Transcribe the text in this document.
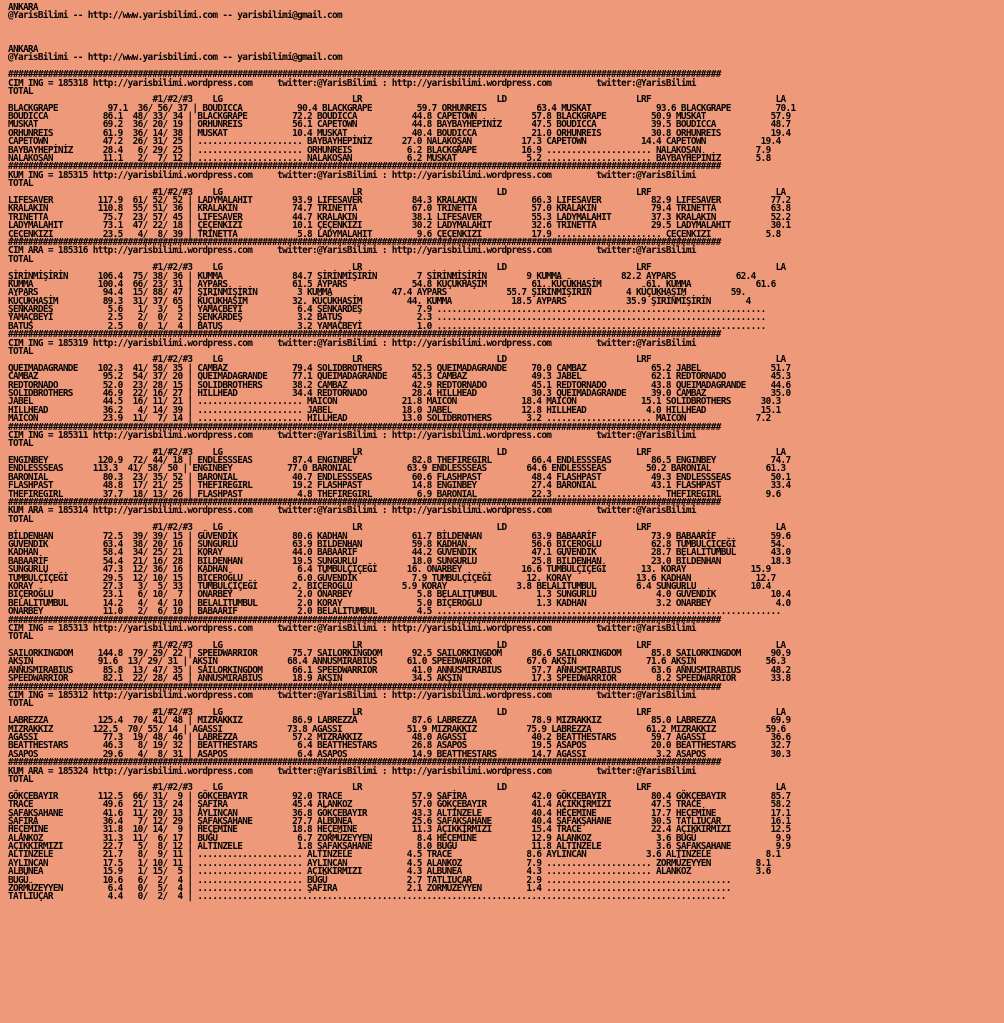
ANKARA
@YarisBilimi -- http://www.yarisbilimi.com -- yarisbilimi@gmail.com

ANKARA
@YarisBilimi -- http://www.yarisbilimi.com -- yarisbilimi@gmail.com

###############################################################################################################################################
CIM ING = 185318 http://yarisbilimi.wordpress.com     twitter:@YarisBilimi : http://yarisbilimi.wordpress.com         twitter:@YarisBilimi
TOTAL
#1/#2/#3    LG                          LR                           LD                          LRF                         LA
BLACKGRAPE          97.1  36/ 56/ 37 | BOUDICCA           90.4 BLACKGRAPE         59.7 ORHUNREIS          63.4 MUSKAT             93.6 BLACKGRAPE         70.1
BOUDICCA           86.1  48/ 33/ 34 | BLACKGRAPE         72.2 BOUDICCA           44.8 CAPETOWN           57.8 BLACKGRAPE         50.9 MUSKAT             57.9
MUSKAT             69.2  36/ 20/ 19 | ORHUNREIS          56.1 CAPETOWN           44.8 BAYBAYHEPİNİZ      47.5 BOUDICCA           39.5 BOUDICCA           48.7
ORHUNREIS          61.9  36/ 14/ 38 | MUSKAT             10.4 MUSKAT             40.4 BOUDICCA           21.0 ORHUNREIS          30.8 ORHUNREIS          19.4
CAPETOWN           47.2  26/ 31/ 25 | ..................... BAYBAYHEPİNİZ      27.0 NALAKOŞAN          17.3 CAPETOWN           14.4 CAPETOWN           19.4
BAYBAYHEPİNİZ      28.4   6/ 29/ 25 | ..................... ORHUNREIS           6.2 BLACKGRAPE         16.9 ..................... NALAKOŞAN           7.9
NALAKOŞAN          11.1   2/  7/ 12 | ..................... NALAKOŞAN           6.2 MUSKAT              5.2 ..................... BAYBAYHEPİNİZ       5.8
###############################################################################################################################################
KUM ING = 185315 http://yarisbilimi.wordpress.com     twitter:@YarisBilimi : http://yarisbilimi.wordpress.com         twitter:@YarisBilimi
TOTAL
#1/#2/#3    LG                          LR                           LD                          LRF                         LA
LIFESAVER         117.9  61/ 52/ 52 | LADYMALAHIT        93.9 LIFESAVER          84.3 KRALAKIN           66.3 LIFESAVER          82.9 LIFESAVER          77.2
KRALAKIN          110.8  55/ 51/ 36 | KRALAKIN           74.7 TRINETTA           67.0 TRINETTA           57.0 KRALAKIN           79.4 TRINETTA           63.8
TRINETTA           75.7  23/ 57/ 45 | LIFESAVER          44.7 KRALAKIN           38.1 LIFESAVER          55.3 LADYMALAHIT        37.3 KRALAKIN           52.2
LADYMALAHIT        73.1  47/ 22/ 18 | ÇEÇENKIZI          10.1 ÇEÇENKIZI          30.2 LADYMALAHIT        32.6 TRINETTA           29.5 LADYMALAHIT        30.1
ÇEÇENKIZI          23.5   4/  8/ 39 | TRINETTA            5.8 LADYMALAHIT         9.6 ÇEÇENKIZI          17.9 ..................... ÇEÇENKIZI           5.8
###############################################################################################################################################
CIM ARA = 185316 http://yarisbilimi.wordpress.com     twitter:@YarisBilimi : http://yarisbilimi.wordpress.com         twitter:@YarisBilimi
TOTAL
#1/#2/#3    LG                          LR                           LD                          LRF                         LA
ŞİRİNMİŞİRİN      106.4  75/ 38/ 36 | KUMMA              84.7 ŞİRİNMİŞİRİN        7 ŞİRİNMİŞİRİN        9 KUMMA            82.2 AYPARS            62.4
KUMMA             100.4  66/ 23/ 31 | AYPARS             61.5 AYPARS             54.8 KÜÇÜKHAŞİM         61. KÜÇÜKHAŞİM         61. KUMMA             61.6
AYPARS             94.4  15/ 88/ 47 | ŞİRİNMİŞİRİN        3 KUMMA            47.4 AYPARS            55.7 ŞİRİNMİŞİRİN       4 KÜÇÜKHAŞİM         59.
KÜÇÜKHAŞİM         89.3  31/ 37/ 65 | KÜÇÜKHAŞİM         32. KÜÇÜKHAŞİM         44. KUMMA            18.5 AYPARS            35.9 ŞİRİNMİŞİRİN       4
ŞENKARDEŞ           5.6   1/  3/  5 | YAMAÇBEYİ           6.4 ŞENKARDEŞ           7.9 ..................................................................
YAMAÇBEYİ           2.5   2/  0/  2 | ŞENKARDEŞ           3.2 BATUŞ               2.3 ..................................................................
BATUŞ               2.5   0/  1/  4 | BATUŞ               3.2 YAMAÇBEYİ           1.0 ..................................................................
###############################################################################################################################################
CIM ING = 185319 http://yarisbilimi.wordpress.com     twitter:@YarisBilimi : http://yarisbilimi.wordpress.com         twitter:@YarisBilimi
TOTAL
#1/#2/#3    LG                          LR                           LD                          LRF                         LA
QUEIMADAGRANDE    102.3  41/ 58/ 35 | CAMBAZ             79.4 SOLIDBROTHERS      52.5 QUEIMADAGRANDE     70.0 CAMBAZ             65.2 JABEL              51.7
CAMBAZ             95.2  54/ 37/ 20 | QUEIMADAGRANDE     77.1 QUEIMADAGRANDE     45.3 CAMBAZ             49.3 JABEL              62.1 REDTORNADO         45.3
REDTORNADO         52.0  23/ 28/ 15 | SOLIDBROTHERS      38.2 CAMBAZ             42.9 REDTORNADO         45.1 REDTORNADO         43.8 QUEIMADAGRANDE     44.6
SOLIDBROTHERS      46.9  22/ 16/ 27 | HILLHEAD           34.4 REDTORNADO         28.4 HILLHEAD           30.3 QUEIMADAGRANDE     39.0 CAMBAZ             35.0
JABEL              44.5  16/ 11/ 21 | ..................... MAICON             21.8 MAICON             18.4 MAICON             15.1 SOLIDBROTHERS      30.3
HILLHEAD           36.2   4/ 14/ 39 | ..................... JABEL              18.0 JABEL              12.8 HILLHEAD            4.0 HILLHEAD           15.1
MAICON             23.9  11/  7/ 14 | ..................... HILLHEAD           13.0 SOLIDBROTHERS       3.2 ..................... MAICON              7.2
###############################################################################################################################################
CIM ING = 185311 http://yarisbilimi.wordpress.com     twitter:@YarisBilimi : http://yarisbilimi.wordpress.com         twitter:@YarisBilimi
TOTAL
#1/#2/#3    LG                          LR                           LD                          LRF                         LA
ENGINBEY          120.9  72/ 44/ 18 | ENDLESSSEAS        87.4 ENGINBEY           82.8 THEFIREGIRL        66.4 ENDLESSSEAS        86.5 ENGINBEY           74.7
ENDLESSSEAS      113.3  41/ 58/ 50 | ENGINBEY           77.0 BARONIAL           63.9 ENDLESSSEAS        64.6 ENDLESSSEAS        50.2 BARONIAL           61.3
BARONIAL           80.3  23/ 35/ 52 | BARONIAL           40.7 ENDLESSSEAS        60.6 FLASHPAST          48.4 FLASHPAST          49.3 ENDLESSSEAS        50.1
FLASHPAST          48.8  17/ 21/ 25 | THEFIREGIRL        19.2 FLASHPAST          14.8 ENGINBEY           27.4 BARONIAL           43.1 FLASHPAST          33.4
THEFIREGIRL        37.7  18/ 13/ 26 | FLASHPAST           4.8 THEFIREGIRL         6.9 BARONIAL           22.3 ..................... THEFIREGIRL         9.6
###############################################################################################################################################
KUM ARA = 185314 http://yarisbilimi.wordpress.com     twitter:@YarisBilimi : http://yarisbilimi.wordpress.com         twitter:@YarisBilimi
TOTAL
#1/#2/#3    LG                          LR                           LD                          LRF                         LA
BİLDENHAN          72.5  39/ 39/ 15 | GÜVENDİK           80.6 KADHAN             61.7 BİLDENHAN          63.9 BABAARİF           73.9 BABAARİF           59.6
GÜVENDİK           63.4  38/ 20/ 16 | SUNGURLU           63.9 BİLDENHAN          59.8 KADHAN             56.6 BİÇEROĞLU          62.8 TUMBULÇİÇEĞİ       54.
KADHAN             58.4  34/ 25/ 21 | KORAY              44.0 BABAARİF           44.2 GÜVENDİK           47.1 GÜVENDİK           28.7 BELALITUMBUL       43.0
BABAARİF           54.4  21/ 16/ 28 | BİLDENHAN          19.5 SUNGURLU           18.0 SUNGURLU           25.8 BİLDENHAN          23.0 BİLDENHAN          18.3
SUNGURLU           47.3  12/ 36/ 16 | KADHAN              6.4 TUMBULÇİÇEĞİ      16. ONARBEY            16.6 TUMBULÇİÇEĞİ       13. KORAY             15.9
TUMBULÇİÇEĞİ       29.5  12/ 10/ 15 | BİÇEROĞLU           6.0 GÜVENDİK           7.9 TUMBULÇİÇEĞİ       12. KORAY             13.6 KADHAN             12.7
KORAY              27.3   3/  5/ 33 | TUMBULÇİÇEĞİ       2. BİÇEROĞLU          5.9 KORAY              3.8 BELALITUMBUL        6.4 SUNGURLU           10.4
BİÇEROĞLU          23.1   6/ 10/  7 | ONARBEY             2.0 ONARBEY             5.8 BELALITUMBUL        1.3 SUNGURLU            4.0 GÜVENDİK           10.4
BELALITUMBUL       14.2   4/  4/ 10 | BELALITUMBUL        2.0 KORAY               5.0 BİÇEROĞLU           1.3 KADHAN              3.2 ONARBEY             4.0
ONARBEY            11.0   2/  6/ 10 | BABAARİF            2.0 BELALITUMBUL        4.5 .....................................................................
###############################################################################################################################################
CIM ING = 185313 http://yarisbilimi.wordpress.com     twitter:@YarisBilimi : http://yarisbilimi.wordpress.com         twitter:@YarisBilimi
TOTAL
#1/#2/#3    LG                          LR                           LD                          LRF                         LA
SAILORKINGDOM     144.8  79/ 29/ 22 | SPEEDWARRIOR       75.7 SAILORKINGDOM      92.5 SAILORKINGDOM      86.6 SAILORKINGDOM      85.8 SAILORKINGDOM      90.9
AKŞIN             91.6  13/ 29/ 31 | AKŞIN              68.4 ANNUSMIRABIUS      61.0 SPEEDWARRIOR       67.6 AKŞIN              71.6 AKŞIN              56.3
ANNUSMIRABIUS      85.8  13/ 47/ 35 | SAILORKINGDOM      66.1 SPEEDWARRIOR       41.0 ANNUSMIRABIUS      57.7 ANNUSMIRABIUS      63.6 ANNUSMIRABIUS      48.2
SPEEDWARRIOR       82.1  22/ 28/ 45 | ANNUSMIRABIUS      18.9 AKŞIN              34.5 AKŞIN              17.3 SPEEDWARRIOR        8.2 SPEEDWARRIOR       33.8
###############################################################################################################################################
CIM ING = 185312 http://yarisbilimi.wordpress.com     twitter:@YarisBilimi : http://yarisbilimi.wordpress.com         twitter:@YarisBilimi
TOTAL
#1/#2/#3    LG                          LR                           LD                          LRF                         LA
LABREZZA          125.4  70/ 41/ 48 | MIZRAKKIZ          86.9 LABREZZA           87.6 LABREZZA           78.9 MIZRAKKIZ          85.0 LABREZZA           69.9
MIZRAKKIZ        122.5  70/ 55/ 14 | AGASSI             73.8 AGASSI             51.9 MIZRAKKIZ          75.9 LABREZZA           61.2 MIZRAKKIZ          59.6
AGASSI             77.3  19/ 48/ 46 | LABREZZA           57.2 MIZRAKKIZ          48.0 AGASSI             40.2 BEATTHESTARS       59.7 AGASSI             36.6
BEATTHESTARS       46.3   8/ 19/ 32 | BEATTHESTARS        6.4 BEATTHESTARS       26.8 ASAPOS             19.5 ASAPOS             20.0 BEATTHESTARS       32.7
ASAPOS             29.6   4/  8/ 31 | ASAPOS              6.4 ASAPOS             14.9 BEATTHESTARS       14.7 AGASSI              3.2 ASAPOS             30.3
###############################################################################################################################################
KUM ARA = 185324 http://yarisbilimi.wordpress.com     twitter:@YarisBilimi : http://yarisbilimi.wordpress.com         twitter:@YarisBilimi
TOTAL
#1/#2/#3    LG                          LR                           LD                          LRF                         LA
GÖKÇEBAYIR        112.5  66/ 31/  9 | GÖKÇEBAYIR         92.0 TRACE              57.9 ŞAFİRA             42.0 GÖKÇEBAYIR         80.4 GÖKÇEBAYIR         85.7
TRACE              49.6  21/ 13/ 24 | ŞAFİRA             45.4 ALANKOZ            57.0 GÖKÇEBAYIR         41.4 AÇIKKIRMIZI        47.5 TRACE              58.2
ŞAFAKŞAHANE        41.6  11/ 20/ 13 | AYLINCAN           36.8 GÖKÇEBAYIR         43.3 ALTINZELE          40.4 HEÇEMİNE           17.7 HEÇEMİNE           17.1
ŞAFİRA             36.4   7/ 12/ 29 | ŞAFAKŞAHANE        27.7 ALBUNEA            25.6 ŞAFAKŞAHANE        40.4 ŞAFAKŞAHANE        30.5 TATLIUÇAR          16.1
HEÇEMİNE           31.8  10/ 14/  9 | HEÇEMİNE           18.8 HEÇEMİNE           11.3 AÇIKKIRMIZI        15.4 TRACE              22.4 AÇIKKIRMIZI        12.5
ALANKOZ            31.3  11/  6/ 17 | BUGÜ                6.7 ZORMÜZEYYEN         8.4 HEÇEMİNE           12.9 ALANKOZ             3.6 BUGÜ                9.9
AÇIKKIRMIZI        22.7   5/  8/ 12 | ALTINZELE           1.8 ŞAFAKŞAHANE         8.0 BUGÜ               11.8 ALTINZELE           3.6 ŞAFAKŞAHANE         9.9
ALTINZELE          21.7   8/  9/ 11 | ..................... ALTINZELE           4.5 TRACE               8.6 AYLINCAN            3.6 ALTINZELE           8.1
AYLINCAN           17.5   1/ 10/ 11 | ..................... AYLINCAN            4.5 ALANKOZ             7.9 ..................... ZORMÜZEYYEN         8.1
ALBUNEA            15.9   1/ 15/  5 | ..................... AÇIKKIRMIZI         4.3 ALBUNEA             4.3 ..................... ALANKOZ             3.6
BUGÜ               10.6   6/  2/  4 | ..................... BUGÜ                2.7 TATLIUÇAR           2.9 .....................................
ZORMÜZEYYEN         6.4   0/  5/  4 | ..................... ŞAFİRA              2.1 ZORMÜZEYYEN         1.4 .....................................
TATLIUÇAR           4.4   0/  2/  4 | ..........................................................................................................
